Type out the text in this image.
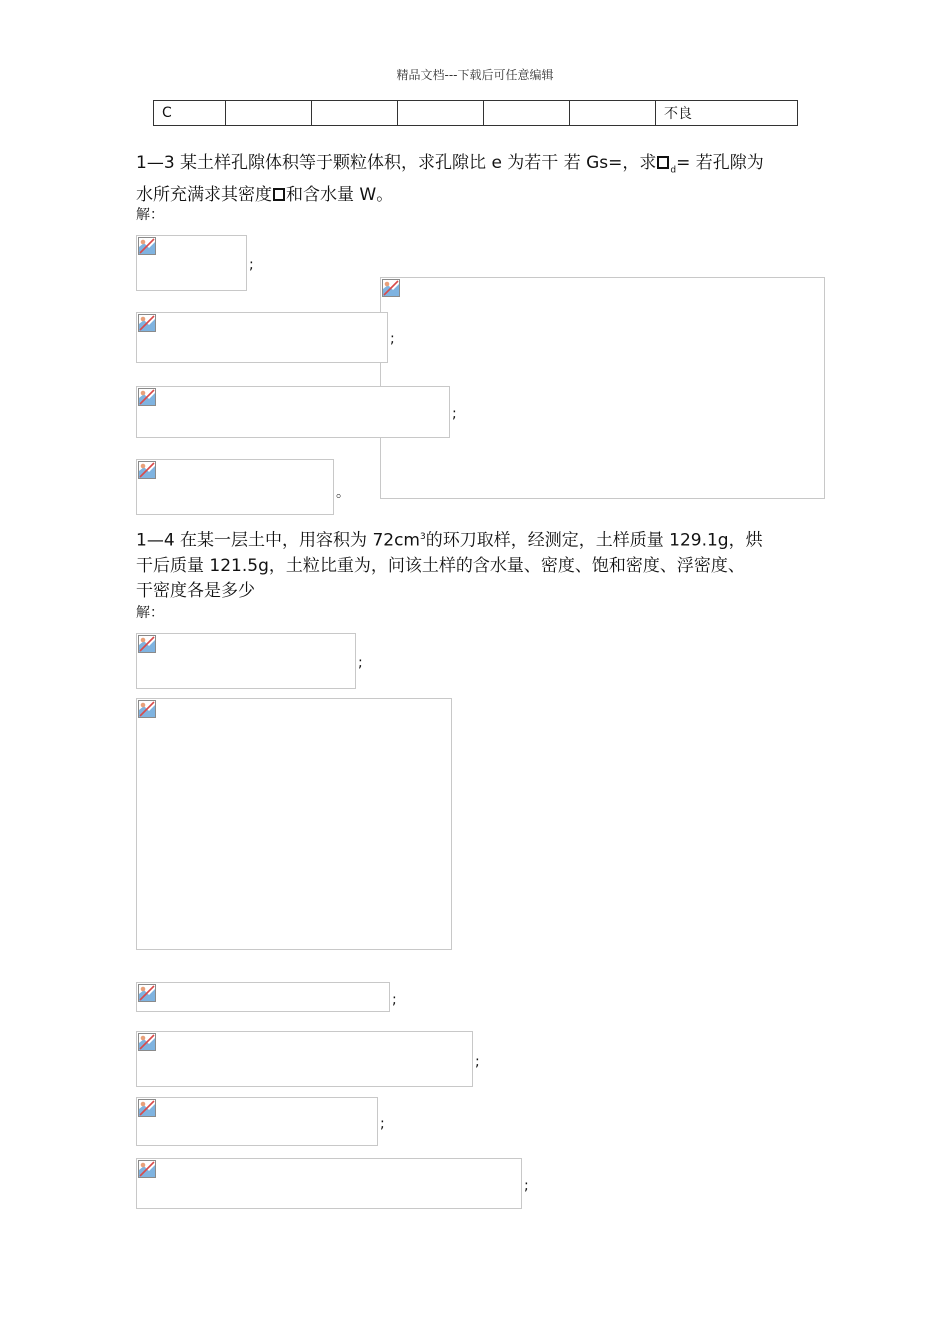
精品文档---下载后可任意编辑
C						不良
1—3 某土样孔隙体积等于颗粒体积，求孔隙比 e 为若干 若 Gs=，求 $_d$= 若孔隙为
水所充满求其密度 和含水量 W。
解：
;
;
;
。
1—4 在某一层土中，用容积为 $72cm^3$的环刀取样，经测定，土样质量 129.1g，烘
干后质量 121.5g，土粒比重为，问该土样的含水量、密度、饱和密度、浮密度、
干密度各是多少
解：
;
;
;
;
;
